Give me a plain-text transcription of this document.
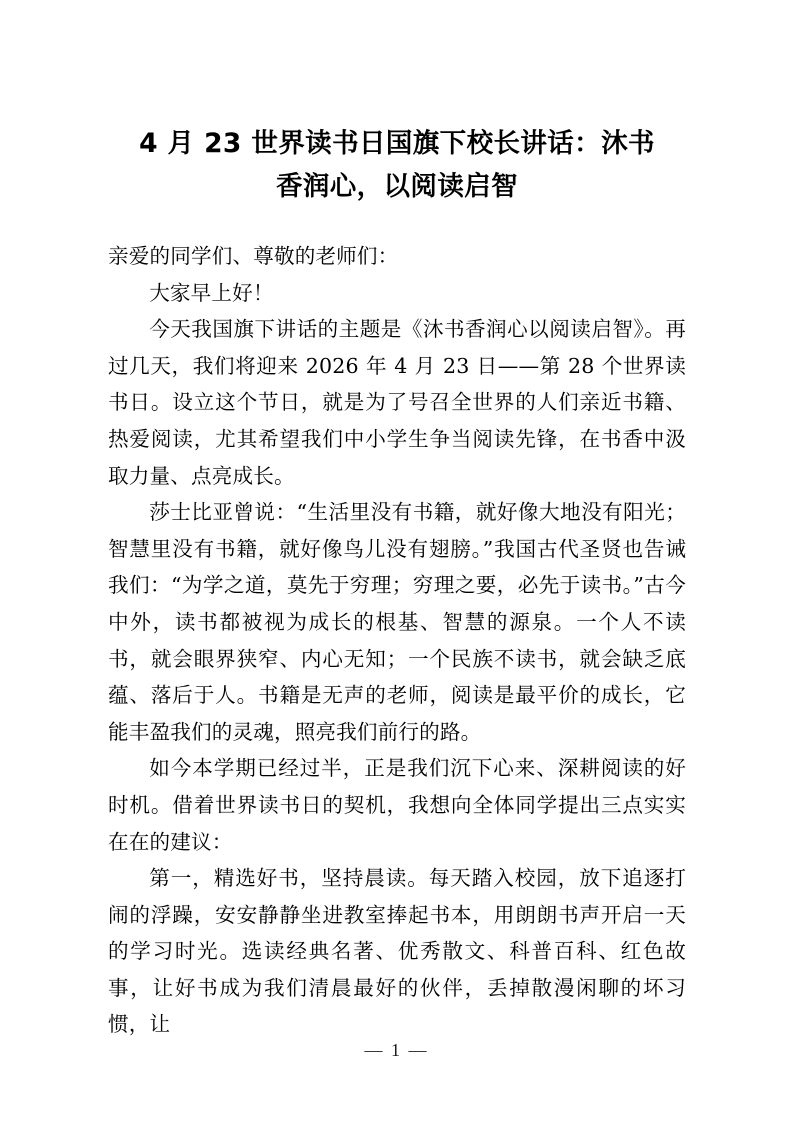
4 月 23 世界读书日国旗下校长讲话：沐书
香润心，以阅读启智

亲爱的同学们、尊敬的老师们：

大家早上好！

今天我国旗下讲话的主题是《沐书香润心以阅读启智》。再过几天，我们将迎来 2026 年 4 月 23 日——第 28 个世界读书日。设立这个节日，就是为了号召全世界的人们亲近书籍、热爱阅读，尤其希望我们中小学生争当阅读先锋，在书香中汲取力量、点亮成长。

莎士比亚曾说：“生活里没有书籍，就好像大地没有阳光；智慧里没有书籍，就好像鸟儿没有翅膀。”我国古代圣贤也告诫我们：“为学之道，莫先于穷理；穷理之要，必先于读书。”古今中外，读书都被视为成长的根基、智慧的源泉。一个人不读书，就会眼界狭窄、内心无知；一个民族不读书，就会缺乏底蕴、落后于人。书籍是无声的老师，阅读是最平价的成长，它能丰盈我们的灵魂，照亮我们前行的路。

如今本学期已经过半，正是我们沉下心来、深耕阅读的好时机。借着世界读书日的契机，我想向全体同学提出三点实实在在的建议：

第一，精选好书，坚持晨读。每天踏入校园，放下追逐打闹的浮躁，安安静静坐进教室捧起书本，用朗朗书声开启一天的学习时光。选读经典名著、优秀散文、科普百科、红色故事，让好书成为我们清晨最好的伙伴，丢掉散漫闲聊的坏习惯，让

— 1 —
